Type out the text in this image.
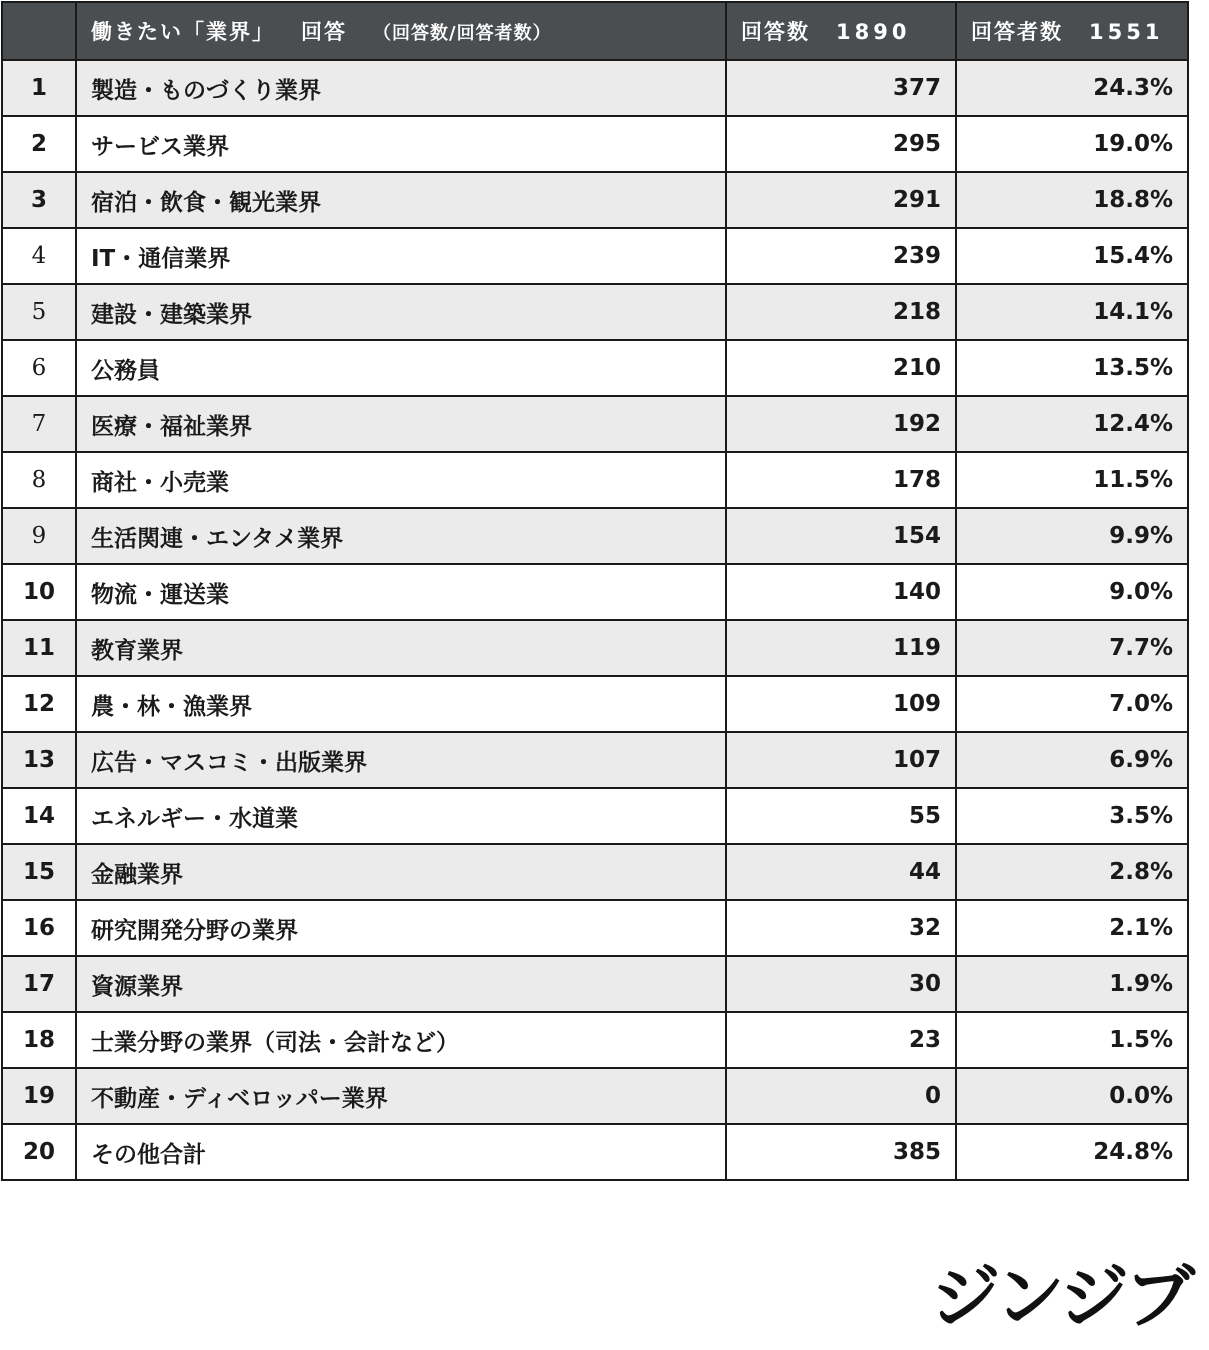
	働きたい「業界」 回答 （回答数/回答者数）	回答数 1890	回答者数 1551
1	製造・ものづくり業界	377	24.3%
2	サービス業界	295	19.0%
3	宿泊・飲食・観光業界	291	18.8%
4	IT・通信業界	239	15.4%
5	建設・建築業界	218	14.1%
6	公務員	210	13.5%
7	医療・福祉業界	192	12.4%
8	商社・小売業	178	11.5%
9	生活関連・エンタメ業界	154	9.9%
10	物流・運送業	140	9.0%
11	教育業界	119	7.7%
12	農・林・漁業界	109	7.0%
13	広告・マスコミ・出版業界	107	6.9%
14	エネルギー・水道業	55	3.5%
15	金融業界	44	2.8%
16	研究開発分野の業界	32	2.1%
17	資源業界	30	1.9%
18	士業分野の業界（司法・会計など）	23	1.5%
19	不動産・ディベロッパー業界	0	0.0%
20	その他合計	385	24.8%
ジンジブ
